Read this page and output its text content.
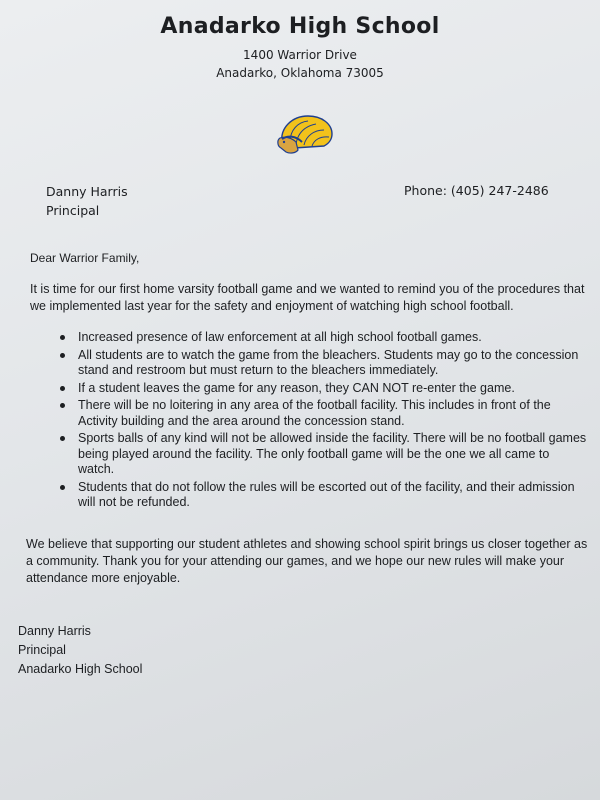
Anadarko High School
1400 Warrior Drive
Anadarko, Oklahoma 73005
Danny Harris
Principal
Phone: (405) 247-2486
Dear Warrior Family,
It is time for our first home varsity football game and we wanted to remind you of the procedures that we implemented last year for the safety and enjoyment of watching high school football.
Increased presence of law enforcement at all high school football games.
All students are to watch the game from the bleachers. Students may go to the concession stand and restroom but must return to the bleachers immediately.
If a student leaves the game for any reason, they CAN NOT re-enter the game.
There will be no loitering in any area of the football facility. This includes in front of the Activity building and the area around the concession stand.
Sports balls of any kind will not be allowed inside the facility. There will be no football games being played around the facility. The only football game will be the one we all came to watch.
Students that do not follow the rules will be escorted out of the facility, and their admission will not be refunded.
We believe that supporting our student athletes and showing school spirit brings us closer together as a community. Thank you for your attending our games, and we hope our new rules will make your attendance more enjoyable.
Danny Harris
Principal
Anadarko High School
